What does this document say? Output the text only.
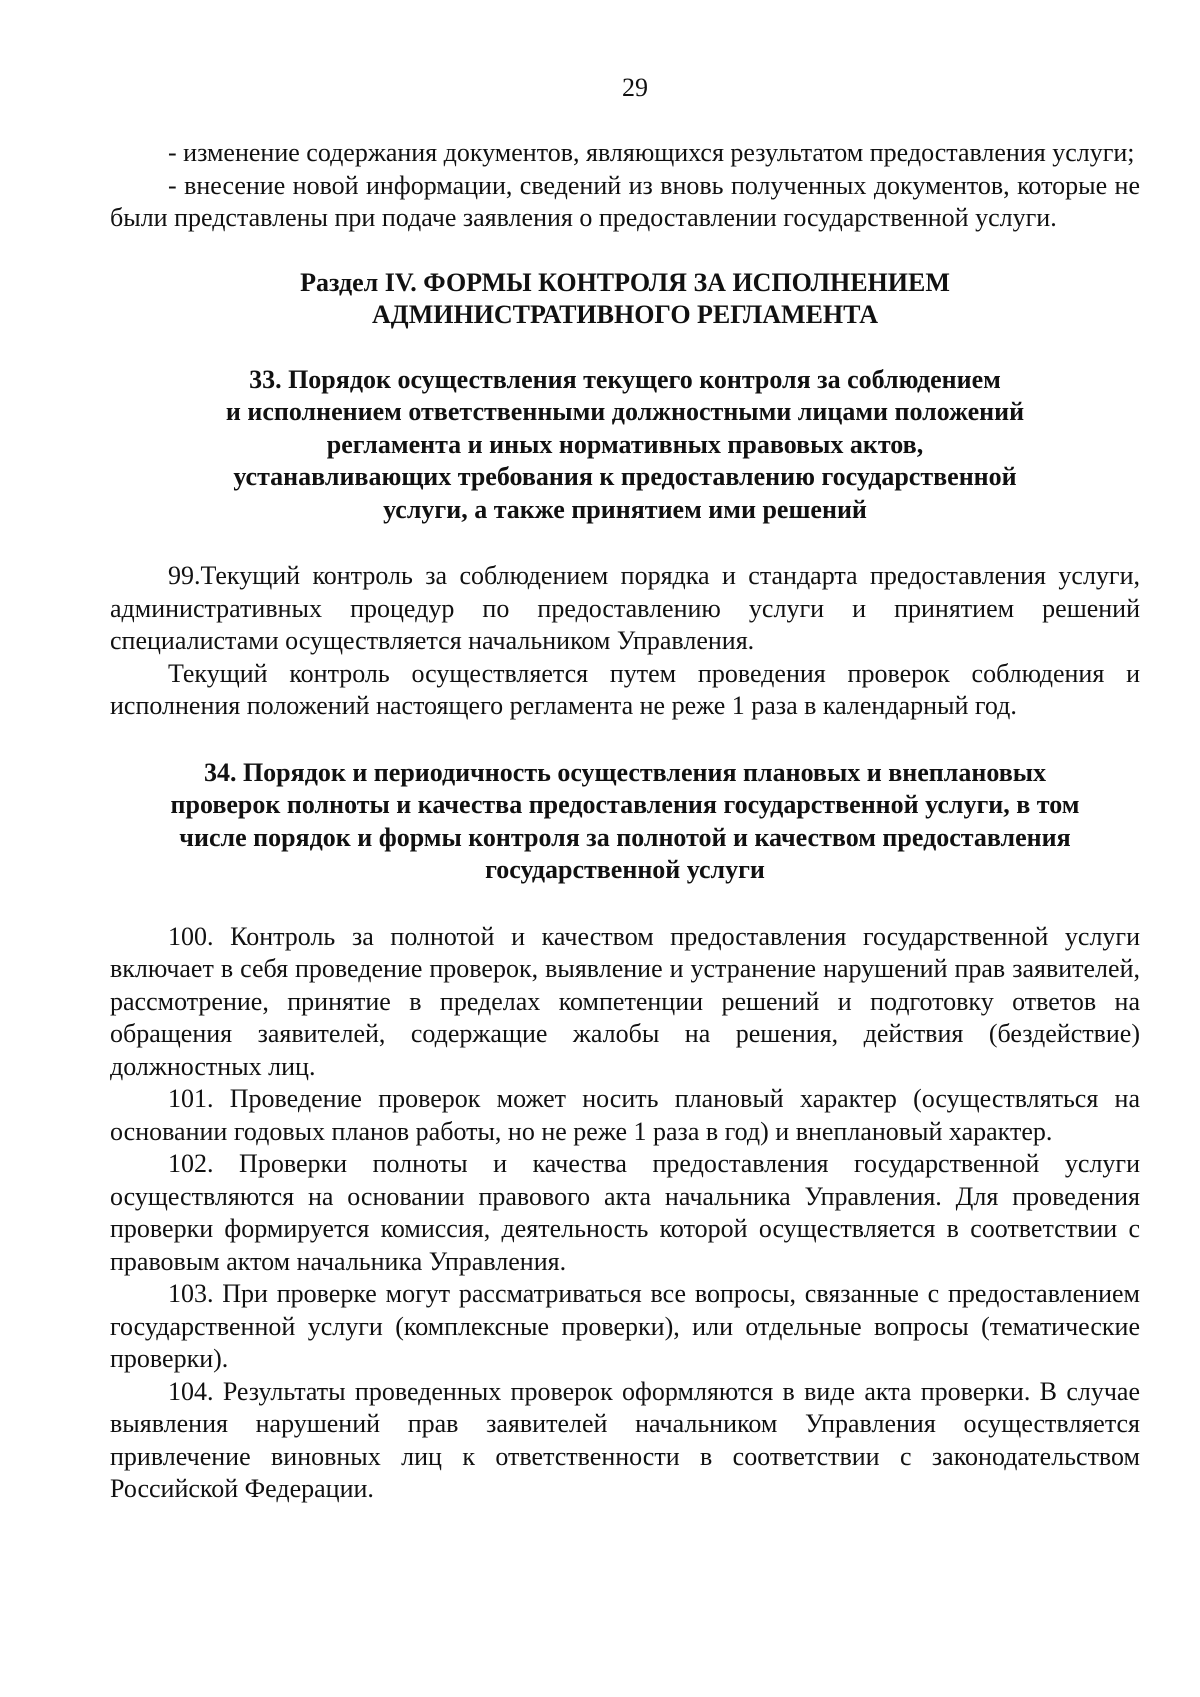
29

- изменение содержания документов, являющихся результатом предоставления услуги;

- внесение новой информации, сведений из вновь полученных документов, которые не были представлены при подаче заявления о предоставлении государственной услуги.

Раздел IV. ФОРМЫ КОНТРОЛЯ ЗА ИСПОЛНЕНИЕМ
АДМИНИСТРАТИВНОГО РЕГЛАМЕНТА
33. Порядок осуществления текущего контроля за соблюдением
и исполнением ответственными должностными лицами положений
регламента и иных нормативных правовых актов,
устанавливающих требования к предоставлению государственной
услуги, а также принятием ими решений

99.Текущий контроль за соблюдением порядка и стандарта предоставления услуги, административных процедур по предоставлению услуги и принятием решений специалистами осуществляется начальником Управления.

Текущий контроль осуществляется путем проведения проверок соблюдения и исполнения положений настоящего регламента не реже 1 раза в календарный год.

34. Порядок и периодичность осуществления плановых и внеплановых
проверок полноты и качества предоставления государственной услуги, в том
числе порядок и формы контроля за полнотой и качеством предоставления
государственной услуги

100. Контроль за полнотой и качеством предоставления государственной услуги включает в себя проведение проверок, выявление и устранение нарушений прав заявителей, рассмотрение, принятие в пределах компетенции решений и подготовку ответов на обращения заявителей, содержащие жалобы на решения, действия (бездействие) должностных лиц.

101. Проведение проверок может носить плановый характер (осуществляться на основании годовых планов работы, но не реже 1 раза в год) и внеплановый характер.

102. Проверки полноты и качества предоставления государственной услуги осуществляются на основании правового акта начальника Управления. Для проведения проверки формируется комиссия, деятельность которой осуществляется в соответствии с правовым актом начальника Управления.

103. При проверке могут рассматриваться все вопросы, связанные с предоставлением государственной услуги (комплексные проверки), или отдельные вопросы (тематические проверки).

104. Результаты проведенных проверок оформляются в виде акта проверки. В случае выявления нарушений прав заявителей начальником Управления осуществляется привлечение виновных лиц к ответственности в соответствии с законодательством Российской Федерации.
